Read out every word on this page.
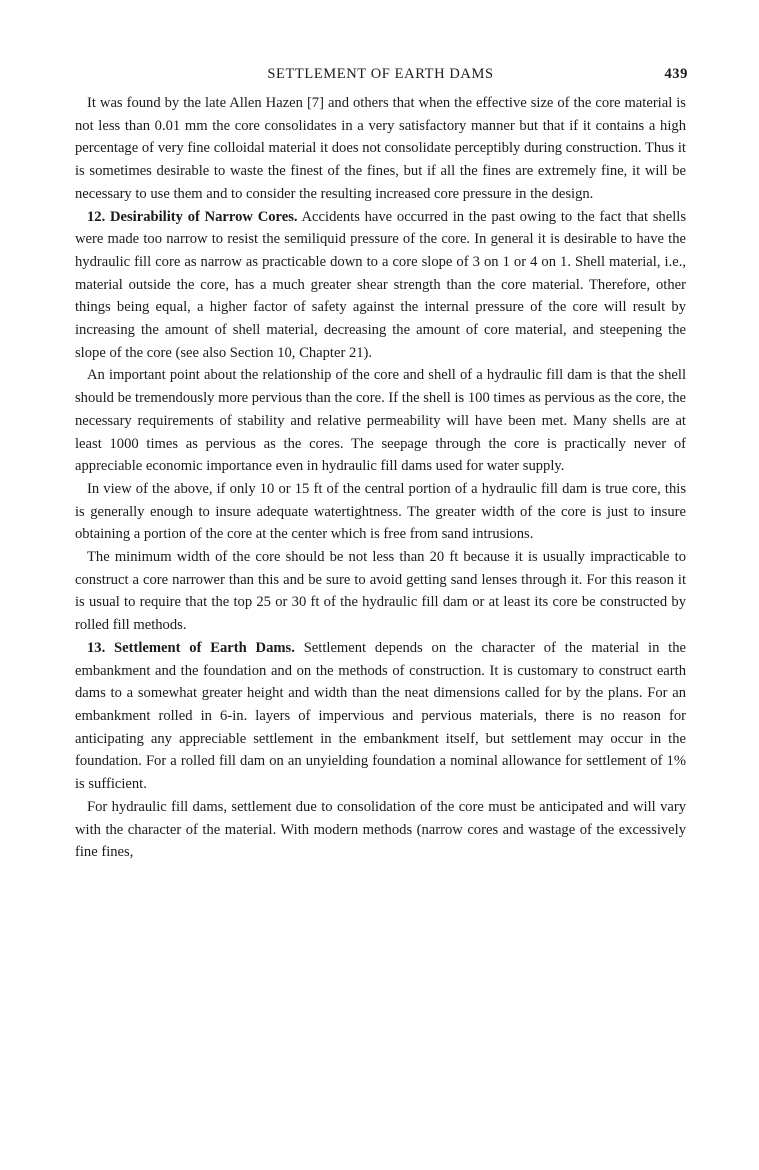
SETTLEMENT OF EARTH DAMS	439

It was found by the late Allen Hazen [7] and others that when the effective size of the core material is not less than 0.01 mm the core consolidates in a very satisfactory manner but that if it contains a high percentage of very fine colloidal material it does not consolidate perceptibly during construction. Thus it is sometimes desirable to waste the finest of the fines, but if all the fines are extremely fine, it will be necessary to use them and to consider the resulting increased core pressure in the design.

12. Desirability of Narrow Cores. Accidents have occurred in the past owing to the fact that shells were made too narrow to resist the semiliquid pressure of the core. In general it is desirable to have the hydraulic fill core as narrow as practicable down to a core slope of 3 on 1 or 4 on 1. Shell material, i.e., material outside the core, has a much greater shear strength than the core material. Therefore, other things being equal, a higher factor of safety against the internal pressure of the core will result by increasing the amount of shell material, decreasing the amount of core material, and steepening the slope of the core (see also Section 10, Chapter 21).

An important point about the relationship of the core and shell of a hydraulic fill dam is that the shell should be tremendously more pervious than the core. If the shell is 100 times as pervious as the core, the necessary requirements of stability and relative permeability will have been met. Many shells are at least 1000 times as pervious as the cores. The seepage through the core is practically never of appreciable economic importance even in hydraulic fill dams used for water supply.

In view of the above, if only 10 or 15 ft of the central portion of a hydraulic fill dam is true core, this is generally enough to insure adequate watertightness. The greater width of the core is just to insure obtaining a portion of the core at the center which is free from sand intrusions.

The minimum width of the core should be not less than 20 ft because it is usually impracticable to construct a core narrower than this and be sure to avoid getting sand lenses through it. For this reason it is usual to require that the top 25 or 30 ft of the hydraulic fill dam or at least its core be constructed by rolled fill methods.

13. Settlement of Earth Dams. Settlement depends on the character of the material in the embankment and the foundation and on the methods of construction. It is customary to construct earth dams to a somewhat greater height and width than the neat dimensions called for by the plans. For an embankment rolled in 6-in. layers of impervious and pervious materials, there is no reason for anticipating any appreciable settlement in the embankment itself, but settlement may occur in the foundation. For a rolled fill dam on an unyielding foundation a nominal allowance for settlement of 1% is sufficient.

For hydraulic fill dams, settlement due to consolidation of the core must be anticipated and will vary with the character of the material. With modern methods (narrow cores and wastage of the excessively fine fines,
